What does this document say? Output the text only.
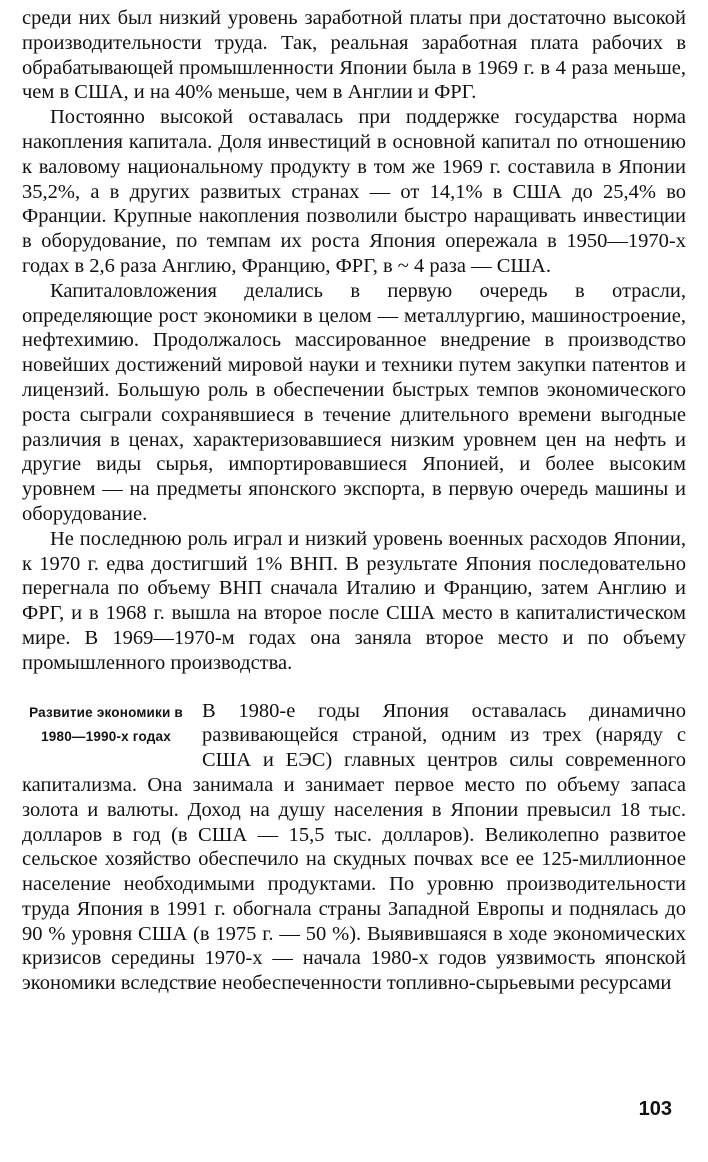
среди них был низкий уровень заработной платы при достаточно высокой производительности труда. Так, реальная заработная плата рабочих в обрабатывающей промышленности Японии была в 1969 г. в 4 раза меньше, чем в США, и на 40% меньше, чем в Англии и ФРГ.

Постоянно высокой оставалась при поддержке государства норма накопления капитала. Доля инвестиций в основной капитал по отношению к валовому национальному продукту в том же 1969 г. составила в Японии 35,2%, а в других развитых странах — от 14,1% в США до 25,4% во Франции. Крупные накопления позволили быстро наращивать инвестиции в оборудование, по темпам их роста Япония опережала в 1950—1970-х годах в 2,6 раза Англию, Францию, ФРГ, в ~ 4 раза — США.

Капиталовложения делались в первую очередь в отрасли, определяющие рост экономики в целом — металлургию, машиностроение, нефтехимию. Продолжалось массированное внедрение в производство новейших достижений мировой науки и техники путем закупки патентов и лицензий. Большую роль в обеспечении быстрых темпов экономического роста сыграли сохранявшиеся в течение длительного времени выгодные различия в ценах, характеризовавшиеся низким уровнем цен на нефть и другие виды сырья, импортировавшиеся Японией, и более высоким уровнем — на предметы японского экспорта, в первую очередь машины и оборудование.

Не последнюю роль играл и низкий уровень военных расходов Японии, к 1970 г. едва достигший 1% ВНП. В результате Япония последовательно перегнала по объему ВНП сначала Италию и Францию, затем Англию и ФРГ, и в 1968 г. вышла на второе после США место в капиталистическом мире. В 1969—1970-м годах она заняла второе место и по объему промышленного производства.

Развитие экономики в 1980—1990-х годах

В 1980-е годы Япония оставалась динамично развивающейся страной, одним из трех (наряду с США и ЕЭС) главных центров силы современного капитализма. Она занимала и занимает первое место по объему запаса золота и валюты. Доход на душу населения в Японии превысил 18 тыс. долларов в год (в США — 15,5 тыс. долларов). Великолепно развитое сельское хозяйство обеспечило на скудных почвах все ее 125-миллионное население необходимыми продуктами. По уровню производительности труда Япония в 1991 г. обогнала страны Западной Европы и поднялась до 90 % уровня США (в 1975 г. — 50 %). Выявившаяся в ходе экономических кризисов середины 1970-х — начала 1980-х годов уязвимость японской экономики вследствие необеспеченности топливно-сырьевыми ресурсами

103
